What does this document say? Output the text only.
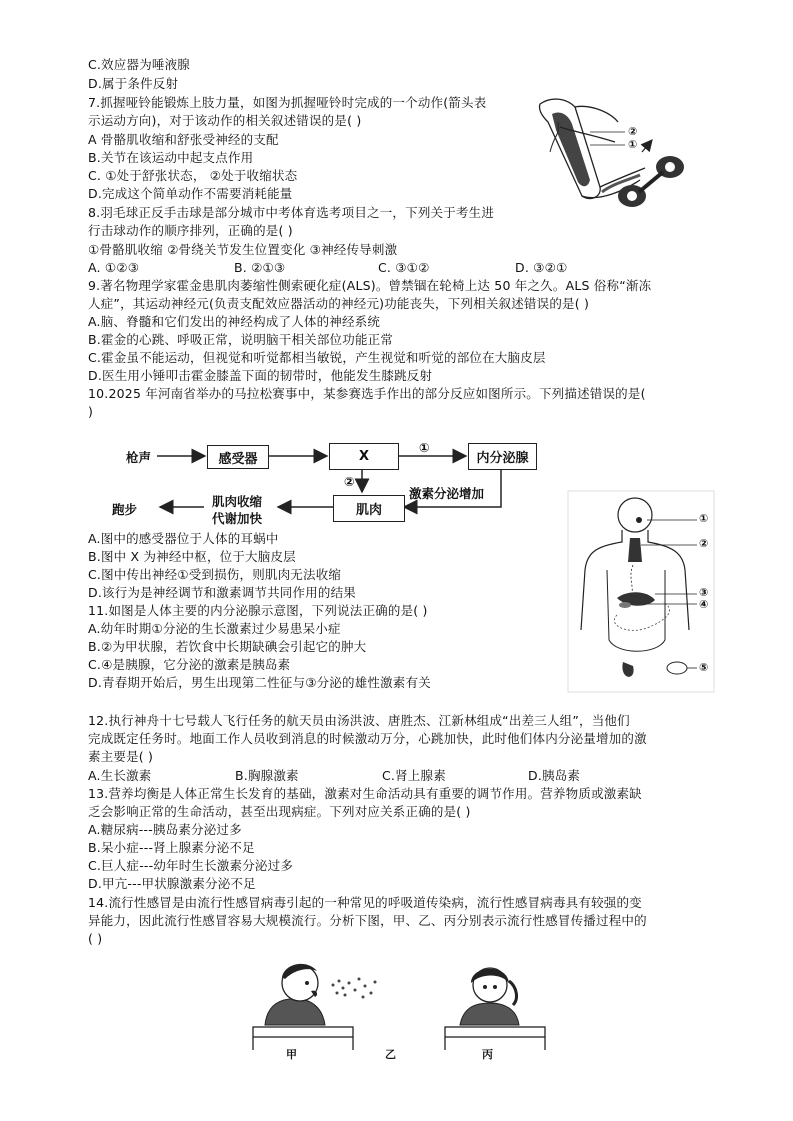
C.效应器为唾液腺
D.属于条件反射
7.抓握哑铃能锻炼上肢力量，如图为抓握哑铃时完成的一个动作(箭头表
示运动方向)，对于该动作的相关叙述错误的是( )
A 骨骼肌收缩和舒张受神经的支配
B.关节在该运动中起支点作用
C. ①处于舒张状态， ②处于收缩状态
D.完成这个简单动作不需要消耗能量
8.羽毛球正反手击球是部分城市中考体育选考项目之一，下列关于考生进
行击球动作的顺序排列，正确的是( )
①骨骼肌收缩 ②骨绕关节发生位置变化 ③神经传导刺激
A. ①②③	B. ②①③	C. ③①②	D. ③②①
9.著名物理学家霍金患肌肉萎缩性侧索硬化症(ALS)。曾禁锢在轮椅上达 50 年之久。ALS 俗称“渐冻
人症”，其运动神经元(负责支配效应器活动的神经元)功能丧失，下列相关叙述错误的是( )
A.脑、脊髓和它们发出的神经构成了人体的神经系统
B.霍金的心跳、呼吸正常，说明脑干相关部位功能正常
C.霍金虽不能运动，但视觉和听觉都相当敏锐，产生视觉和听觉的部位在大脑皮层
D.医生用小锤叩击霍金膝盖下面的韧带时，他能发生膝跳反射
10.2025 年河南省举办的马拉松赛事中，某参赛选手作出的部分反应如图所示。下列描述错误的是(
)
枪声	感受器	X	内分泌腺
肌肉
①
②
激素分泌增加
肌肉收缩
代谢加快
跑步
A.图中的感受器位于人体的耳蜗中
B.图中 X 为神经中枢，位于大脑皮层
C.图中传出神经①受到损伤，则肌肉无法收缩
D.该行为是神经调节和激素调节共同作用的结果
11.如图是人体主要的内分泌腺示意图，下列说法正确的是( )
A.幼年时期①分泌的生长激素过少易患呆小症
B.②为甲状腺，若饮食中长期缺碘会引起它的肿大
C.④是胰腺，它分泌的激素是胰岛素
D.青春期开始后，男生出现第二性征与③分泌的雄性激素有关
②
①
①
②
③
④
⑤
12.执行神舟十七号载人飞行任务的航天员由汤洪波、唐胜杰、江新林组成“出差三人组”，当他们
完成既定任务时。地面工作人员收到消息的时候激动万分，心跳加快，此时他们体内分泌量增加的激
素主要是( )
A.生长激素	B.胸腺激素	C.肾上腺素	D.胰岛素
13.营养均衡是人体正常生长发育的基础，激素对生命活动具有重要的调节作用。营养物质或激素缺
乏会影响正常的生命活动，甚至出现病症。下列对应关系正确的是( )
A.糖尿病---胰岛素分泌过多
B.呆小症---肾上腺素分泌不足
C.巨人症---幼年时生长激素分泌过多
D.甲亢---甲状腺激素分泌不足
14.流行性感冒是由流行性感冒病毒引起的一种常见的呼吸道传染病，流行性感冒病毒具有较强的变
异能力，因此流行性感冒容易大规模流行。分析下图，甲、乙、丙分别表示流行性感冒传播过程中的
( )
甲	乙	丙
